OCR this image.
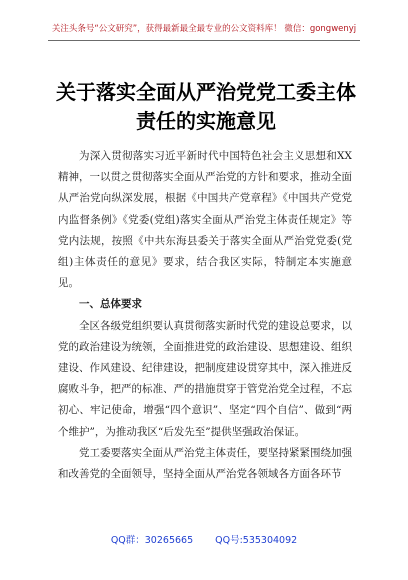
关注头条号“公文研究”，获得最新最全最专业的公文资料库！ 微信：gongwenyj
关于落实全面从严治党党工委主体责任的实施意见

为深入贯彻落实习近平新时代中国特色社会主义思想和XX精神，一以贯之贯彻落实全面从严治党的方针和要求，推动全面从严治党向纵深发展，根据《中国共产党章程》《中国共产党党内监督条例》《党委(党组)落实全面从严治党主体责任规定》等党内法规，按照《中共东海县委关于落实全面从严治党党委(党组)主体责任的意见》要求，结合我区实际，特制定本实施意见。

一、总体要求

全区各级党组织要认真贯彻落实新时代党的建设总要求，以党的政治建设为统领，全面推进党的政治建设、思想建设、组织建设、作风建设、纪律建设，把制度建设贯穿其中，深入推进反腐败斗争，把严的标准、严的措施贯穿于管党治党全过程，不忘初心、牢记使命，增强“四个意识”、坚定“四个自信”、做到“两个维护”，为推动我区“后发先至”提供坚强政治保证。

党工委要落实全面从严治党主体责任，要坚持紧紧围绕加强和改善党的全面领导，坚持全面从严治党各领域各方面各环节

QQ群：30265665 QQ号:535304092
